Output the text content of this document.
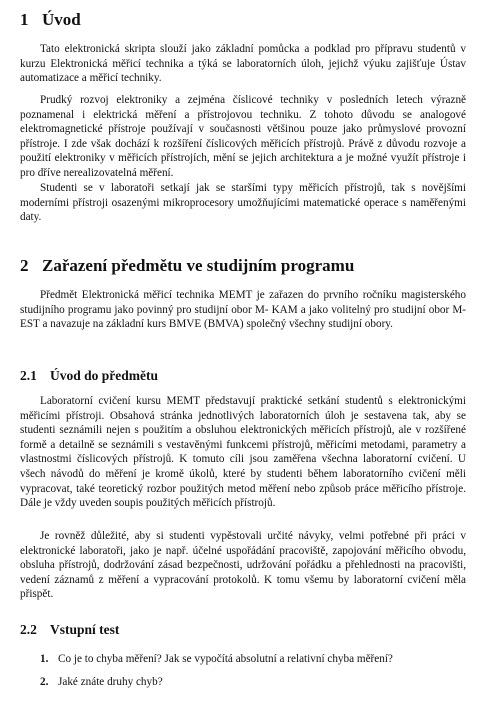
1 Úvod

Tato elektronická skripta slouží jako základní pomůcka a podklad pro přípravu studentů v kurzu Elektronická měřicí technika a týká se laboratorních úloh, jejichž výuku zajišťuje Ústav automatizace a měřicí techniky.

Prudký rozvoj elektroniky a zejména číslicové techniky v posledních letech výrazně poznamenal i elektrická měření a přístrojovou techniku. Z tohoto důvodu se analogové elektromagnetické přístroje používají v současnosti většinou pouze jako průmyslové provozní přístroje. I zde však dochází k rozšíření číslicových měřicích přístrojů. Právě z důvodu rozvoje a použití elektroniky v měřicích přístrojích, mění se jejich architektura a je možné využít přístroje i pro dříve nerealizovatelná měření.

Studenti se v laboratoři setkají jak se staršími typy měřicích přístrojů, tak s novějšími moderními přístroji osazenými mikroprocesory umožňujícími matematické operace s naměřenými daty.

2 Zařazení předmětu ve studijním programu

Předmět Elektronická měřicí technika MEMT je zařazen do prvního ročníku magisterského studijního programu jako povinný pro studijní obor M- KAM a jako volitelný pro studijní obor M-EST a navazuje na základní kurs BMVE (BMVA) společný všechny studijní obory.

2.1 Úvod do předmětu

Laboratorní cvičení kursu MEMT představují praktické setkání studentů s elektronickými měřicími přístroji. Obsahová stránka jednotlivých laboratorních úloh je sestavena tak, aby se studenti seznámili nejen s použitím a obsluhou elektronických měřicích přístrojů, ale v rozšířené formě a detailně se seznámili s vestavěnými funkcemi přístrojů, měřicími metodami, parametry a vlastnostmi číslicových přístrojů. K tomuto cíli jsou zaměřena všechna laboratorní cvičení. U všech návodů do měření je kromě úkolů, které by studenti během laboratorního cvičení měli vypracovat, také teoretický rozbor použitých metod měření nebo způsob práce měřicího přístroje. Dále je vždy uveden soupis použitých měřicích přístrojů.

Je rovněž důležité, aby si studenti vypěstovali určité návyky, velmi potřebné při práci v elektronické laboratoři, jako je např. účelné uspořádání pracoviště, zapojování měřicího obvodu, obsluha přístrojů, dodržování zásad bezpečnosti, udržování pořádku a přehlednosti na pracovišti, vedení záznamů z měření a vypracování protokolů. K tomu všemu by laboratorní cvičení měla přispět.

2.2 Vstupní test
1. Co je to chyba měření? Jak se vypočítá absolutní a relativní chyba měření?
2. Jaké znáte druhy chyb?
